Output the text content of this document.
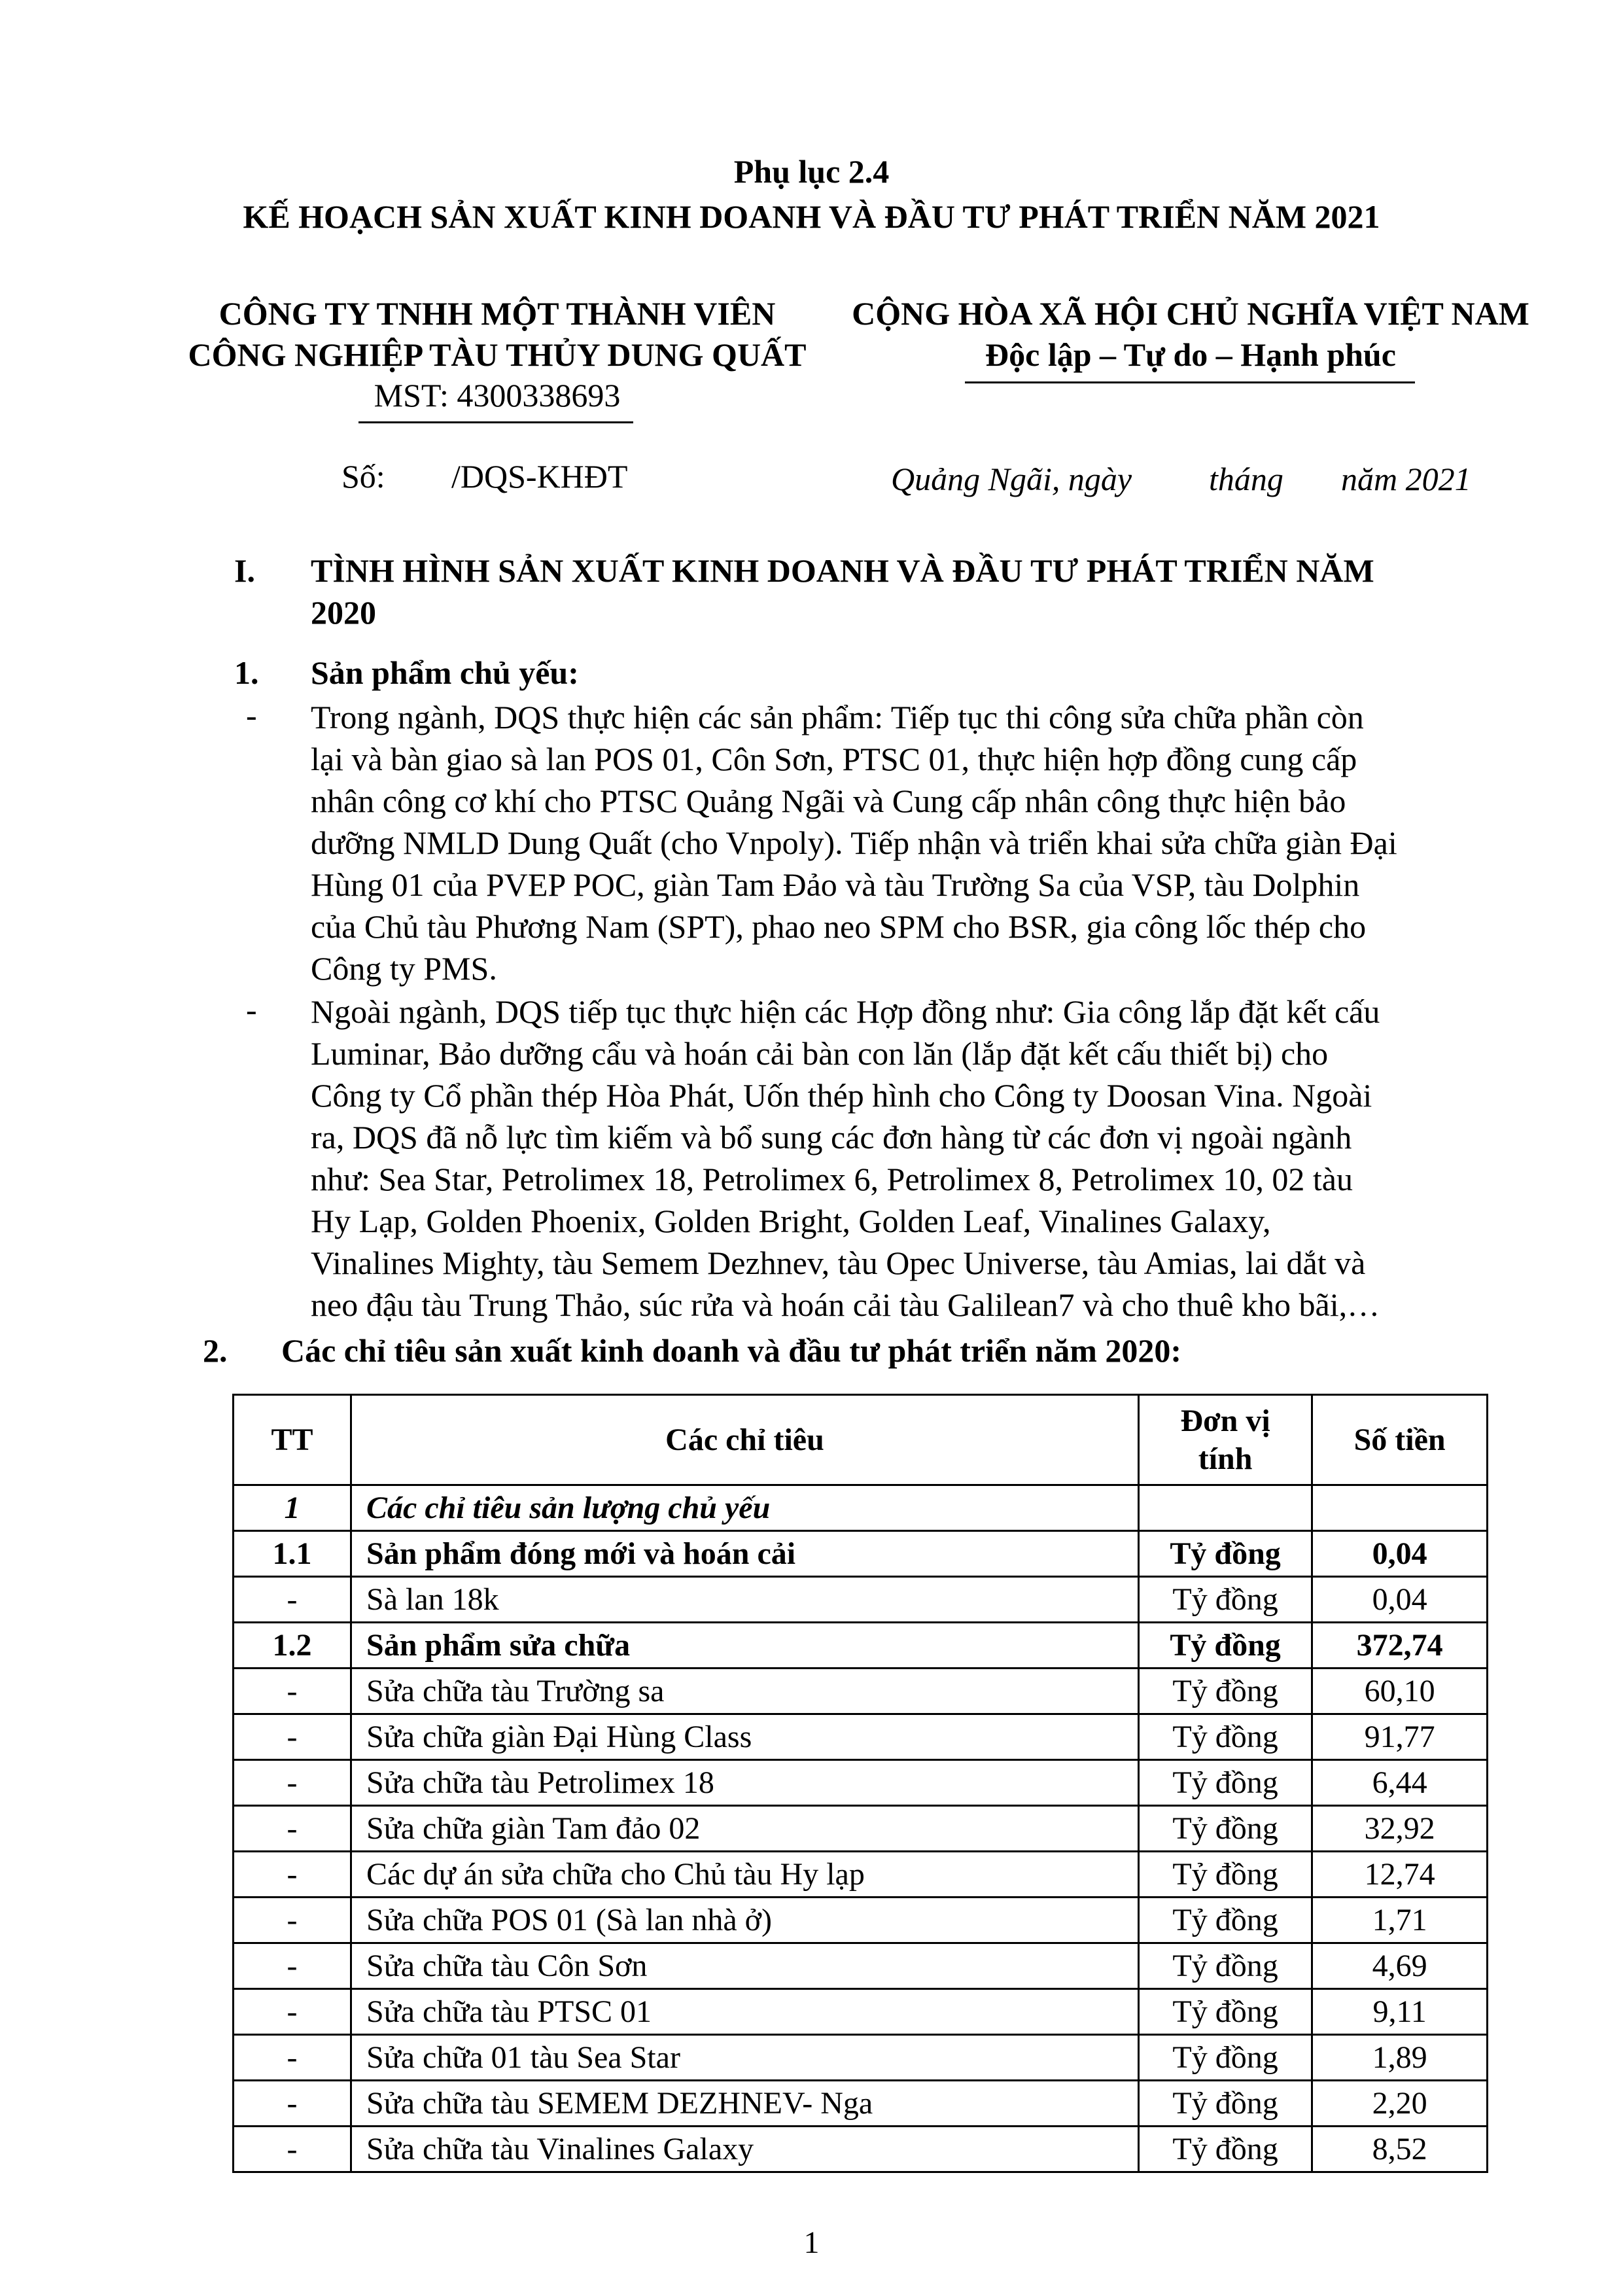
Phụ lục 2.4
KẾ HOẠCH SẢN XUẤT KINH DOANH VÀ ĐẦU TƯ PHÁT TRIỂN NĂM 2021
CÔNG TY TNHH MỘT THÀNH VIÊN
CÔNG NGHIỆP TÀU THỦY DUNG QUẤT
MST: 4300338693
CỘNG HÒA XÃ HỘI CHỦ NGHĨA VIỆT NAM
Độc lập – Tự do – Hạnh phúc
Số: /DQS-KHĐT	Quảng Ngãi, ngày tháng năm 2021
I. TÌNH HÌNH SẢN XUẤT KINH DOANH VÀ ĐẦU TƯ PHÁT TRIỂN NĂM
2020
1. Sản phẩm chủ yếu:
- Trong ngành, DQS thực hiện các sản phẩm: Tiếp tục thi công sửa chữa phần còn
lại và bàn giao sà lan POS 01, Côn Sơn, PTSC 01, thực hiện hợp đồng cung cấp
nhân công cơ khí cho PTSC Quảng Ngãi và Cung cấp nhân công thực hiện bảo
dưỡng NMLD Dung Quất (cho Vnpoly). Tiếp nhận và triển khai sửa chữa giàn Đại
Hùng 01 của PVEP POC, giàn Tam Đảo và tàu Trường Sa của VSP, tàu Dolphin
của Chủ tàu Phương Nam (SPT), phao neo SPM cho BSR, gia công lốc thép cho
Công ty PMS.
- Ngoài ngành, DQS tiếp tục thực hiện các Hợp đồng như: Gia công lắp đặt kết cấu
Luminar, Bảo dưỡng cẩu và hoán cải bàn con lăn (lắp đặt kết cấu thiết bị) cho
Công ty Cổ phần thép Hòa Phát, Uốn thép hình cho Công ty Doosan Vina. Ngoài
ra, DQS đã nỗ lực tìm kiếm và bổ sung các đơn hàng từ các đơn vị ngoài ngành
như: Sea Star, Petrolimex 18, Petrolimex 6, Petrolimex 8, Petrolimex 10, 02 tàu
Hy Lạp, Golden Phoenix, Golden Bright, Golden Leaf, Vinalines Galaxy,
Vinalines Mighty, tàu Semem Dezhnev, tàu Opec Universe, tàu Amias, lai dắt và
neo đậu tàu Trung Thảo, súc rửa và hoán cải tàu Galilean7 và cho thuê kho bãi,…
2. Các chỉ tiêu sản xuất kinh doanh và đầu tư phát triển năm 2020:
TT	Các chỉ tiêu	Đơn vị tính	Số tiền
1	Các chỉ tiêu sản lượng chủ yếu		
1.1	Sản phẩm đóng mới và hoán cải	Tỷ đồng	0,04
-	Sà lan 18k	Tỷ đồng	0,04
1.2	Sản phẩm sửa chữa	Tỷ đồng	372,74
-	Sửa chữa tàu Trường sa	Tỷ đồng	60,10
-	Sửa chữa giàn Đại Hùng Class	Tỷ đồng	91,77
-	Sửa chữa tàu Petrolimex 18	Tỷ đồng	6,44
-	Sửa chữa giàn Tam đảo 02	Tỷ đồng	32,92
-	Các dự án sửa chữa cho Chủ tàu Hy lạp	Tỷ đồng	12,74
-	Sửa chữa POS 01 (Sà lan nhà ở)	Tỷ đồng	1,71
-	Sửa chữa tàu Côn Sơn	Tỷ đồng	4,69
-	Sửa chữa tàu PTSC 01	Tỷ đồng	9,11
-	Sửa chữa 01 tàu Sea Star	Tỷ đồng	1,89
-	Sửa chữa tàu SEMEM DEZHNEV- Nga	Tỷ đồng	2,20
-	Sửa chữa tàu Vinalines Galaxy	Tỷ đồng	8,52
1
